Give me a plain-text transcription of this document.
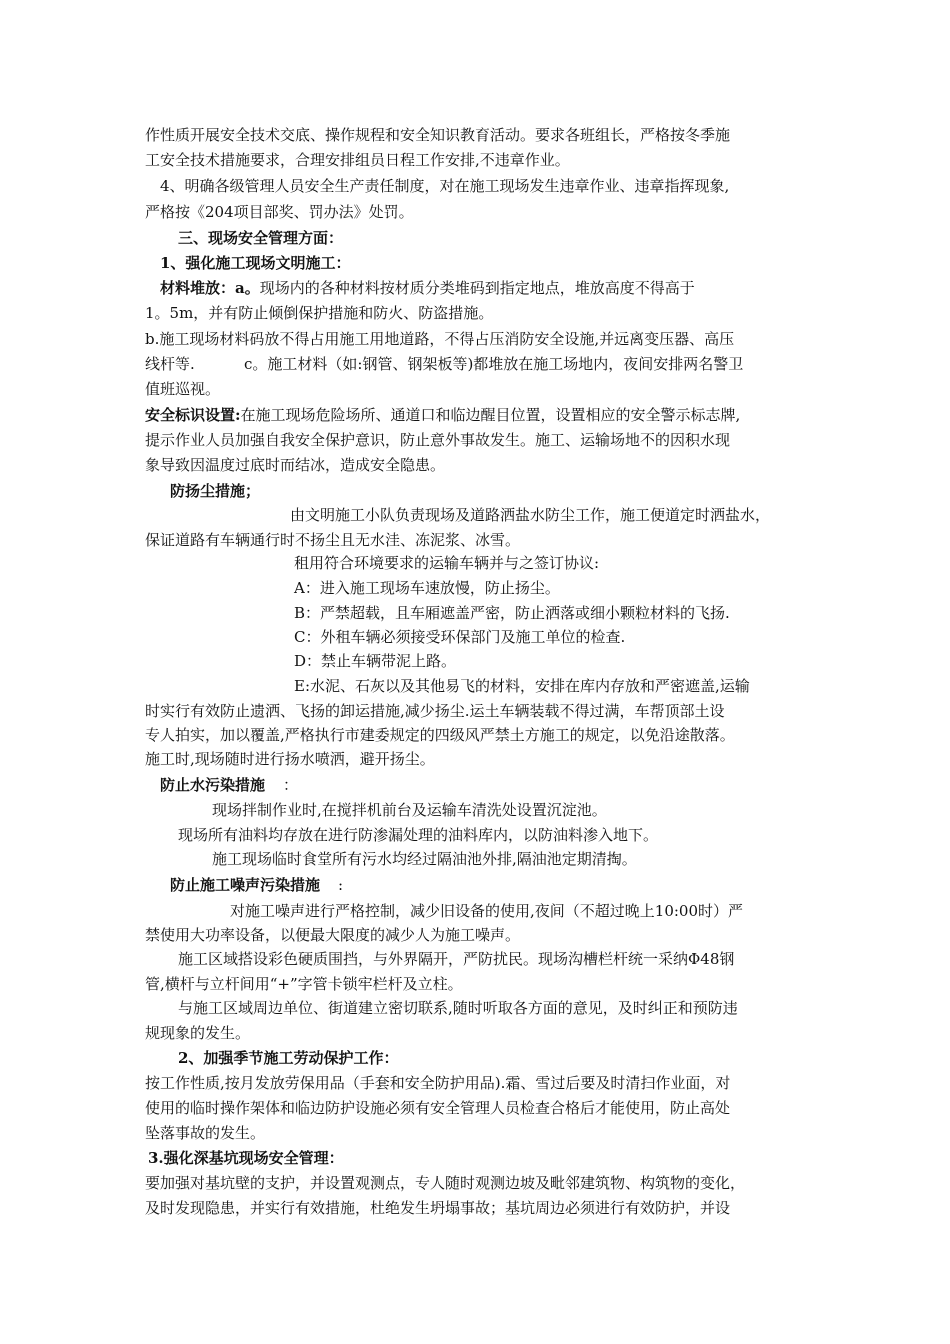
作性质开展安全技术交底、操作规程和安全知识教育活动。要求各班组长，严格按冬季施
工安全技术措施要求，合理安排组员日程工作安排,不违章作业。
4、明确各级管理人员安全生产责任制度，对在施工现场发生违章作业、违章指挥现象,
严格按《204项目部奖、罚办法》处罚。
三、现场安全管理方面：
1、强化施工现场文明施工：
材料堆放：a。现场内的各种材料按材质分类堆码到指定地点，堆放高度不得高于
1。5m，并有防止倾倒保护措施和防火、防盗措施。
b.施工现场材料码放不得占用施工用地道路，不得占压消防安全设施,并远离变压器、高压
线杆等.	c。施工材料（如:钢管、钢架板等)都堆放在施工场地内，夜间安排两名警卫
值班巡视。
安全标识设置:在施工现场危险场所、通道口和临边醒目位置，设置相应的安全警示标志牌,
提示作业人员加强自我安全保护意识，防止意外事故发生。施工、运输场地不的因积水现
象导致因温度过底时而结冰，造成安全隐患。
防扬尘措施；
由文明施工小队负责现场及道路洒盐水防尘工作，施工便道定时洒盐水，
保证道路有车辆通行时不扬尘且无水洼、冻泥浆、冰雪。
租用符合环境要求的运输车辆并与之签订协议:
A：进入施工现场车速放慢，防止扬尘。
B：严禁超载，且车厢遮盖严密，防止洒落或细小颗粒材料的飞扬.
C：外租车辆必须接受环保部门及施工单位的检查.
D：禁止车辆带泥上路。
E:水泥、石灰以及其他易飞的材料，安排在库内存放和严密遮盖,运输
时实行有效防止遗洒、飞扬的卸运措施,减少扬尘.运土车辆装载不得过满，车帮顶部土设
专人拍实，加以覆盖,严格执行市建委规定的四级风严禁土方施工的规定，以免沿途散落。
施工时,现场随时进行扬水喷洒，避开扬尘。
防止水污染措施 ：
现场拌制作业时,在搅拌机前台及运输车清洗处设置沉淀池。
现场所有油料均存放在进行防渗漏处理的油料库内，以防油料渗入地下。
施工现场临时食堂所有污水均经过隔油池外排,隔油池定期清掏。
防止施工噪声污染措施 :
对施工噪声进行严格控制，减少旧设备的使用,夜间（不超过晚上10:00时）严
禁使用大功率设备，以便最大限度的减少人为施工噪声。
施工区域搭设彩色硬质围挡，与外界隔开，严防扰民。现场沟槽栏杆统一采纳Φ48钢
管,横杆与立杆间用“+”字管卡锁牢栏杆及立柱。
与施工区域周边单位、街道建立密切联系,随时听取各方面的意见，及时纠正和预防违
规现象的发生。
2、加强季节施工劳动保护工作：
按工作性质,按月发放劳保用品（手套和安全防护用品).霜、雪过后要及时清扫作业面，对
使用的临时操作架体和临边防护设施必须有安全管理人员检查合格后才能使用，防止高处
坠落事故的发生。
3.强化深基坑现场安全管理：
要加强对基坑壁的支护，并设置观测点，专人随时观测边坡及毗邻建筑物、构筑物的变化，
及时发现隐患，并实行有效措施，杜绝发生坍塌事故；基坑周边必须进行有效防护，并设
